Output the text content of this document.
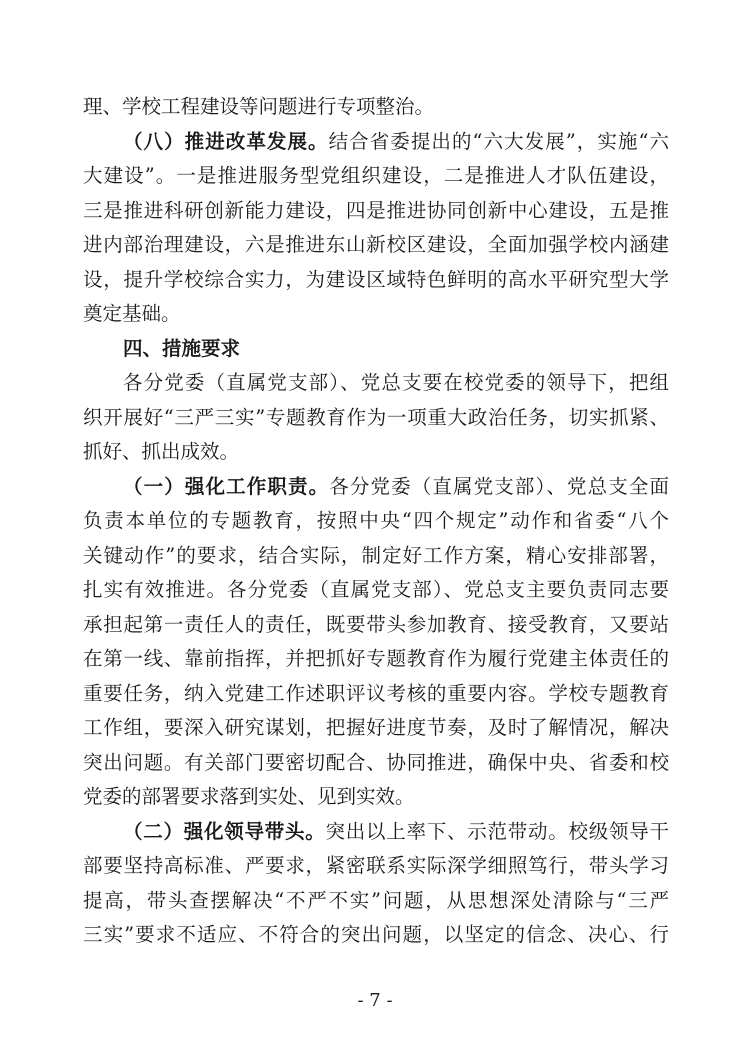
理、学校工程建设等问题进行专项整治。
（八）推进改革发展。结合省委提出的“六大发展”，实施“六
大建设”。一是推进服务型党组织建设，二是推进人才队伍建设，
三是推进科研创新能力建设，四是推进协同创新中心建设，五是推
进内部治理建设，六是推进东山新校区建设，全面加强学校内涵建
设，提升学校综合实力，为建设区域特色鲜明的高水平研究型大学
奠定基础。
四、措施要求
各分党委（直属党支部）、党总支要在校党委的领导下，把组
织开展好“三严三实”专题教育作为一项重大政治任务，切实抓紧、
抓好、抓出成效。
（一）强化工作职责。各分党委（直属党支部）、党总支全面
负责本单位的专题教育，按照中央“四个规定”动作和省委“八个
关键动作”的要求，结合实际，制定好工作方案，精心安排部署，
扎实有效推进。各分党委（直属党支部）、党总支主要负责同志要
承担起第一责任人的责任，既要带头参加教育、接受教育，又要站
在第一线、靠前指挥，并把抓好专题教育作为履行党建主体责任的
重要任务，纳入党建工作述职评议考核的重要内容。学校专题教育
工作组，要深入研究谋划，把握好进度节奏，及时了解情况，解决
突出问题。有关部门要密切配合、协同推进，确保中央、省委和校
党委的部署要求落到实处、见到实效。
（二）强化领导带头。突出以上率下、示范带动。校级领导干
部要坚持高标准、严要求，紧密联系实际深学细照笃行，带头学习
提高，带头查摆解决“不严不实”问题，从思想深处清除与“三严
三实”要求不适应、不符合的突出问题，以坚定的信念、决心、行
- 7 -
